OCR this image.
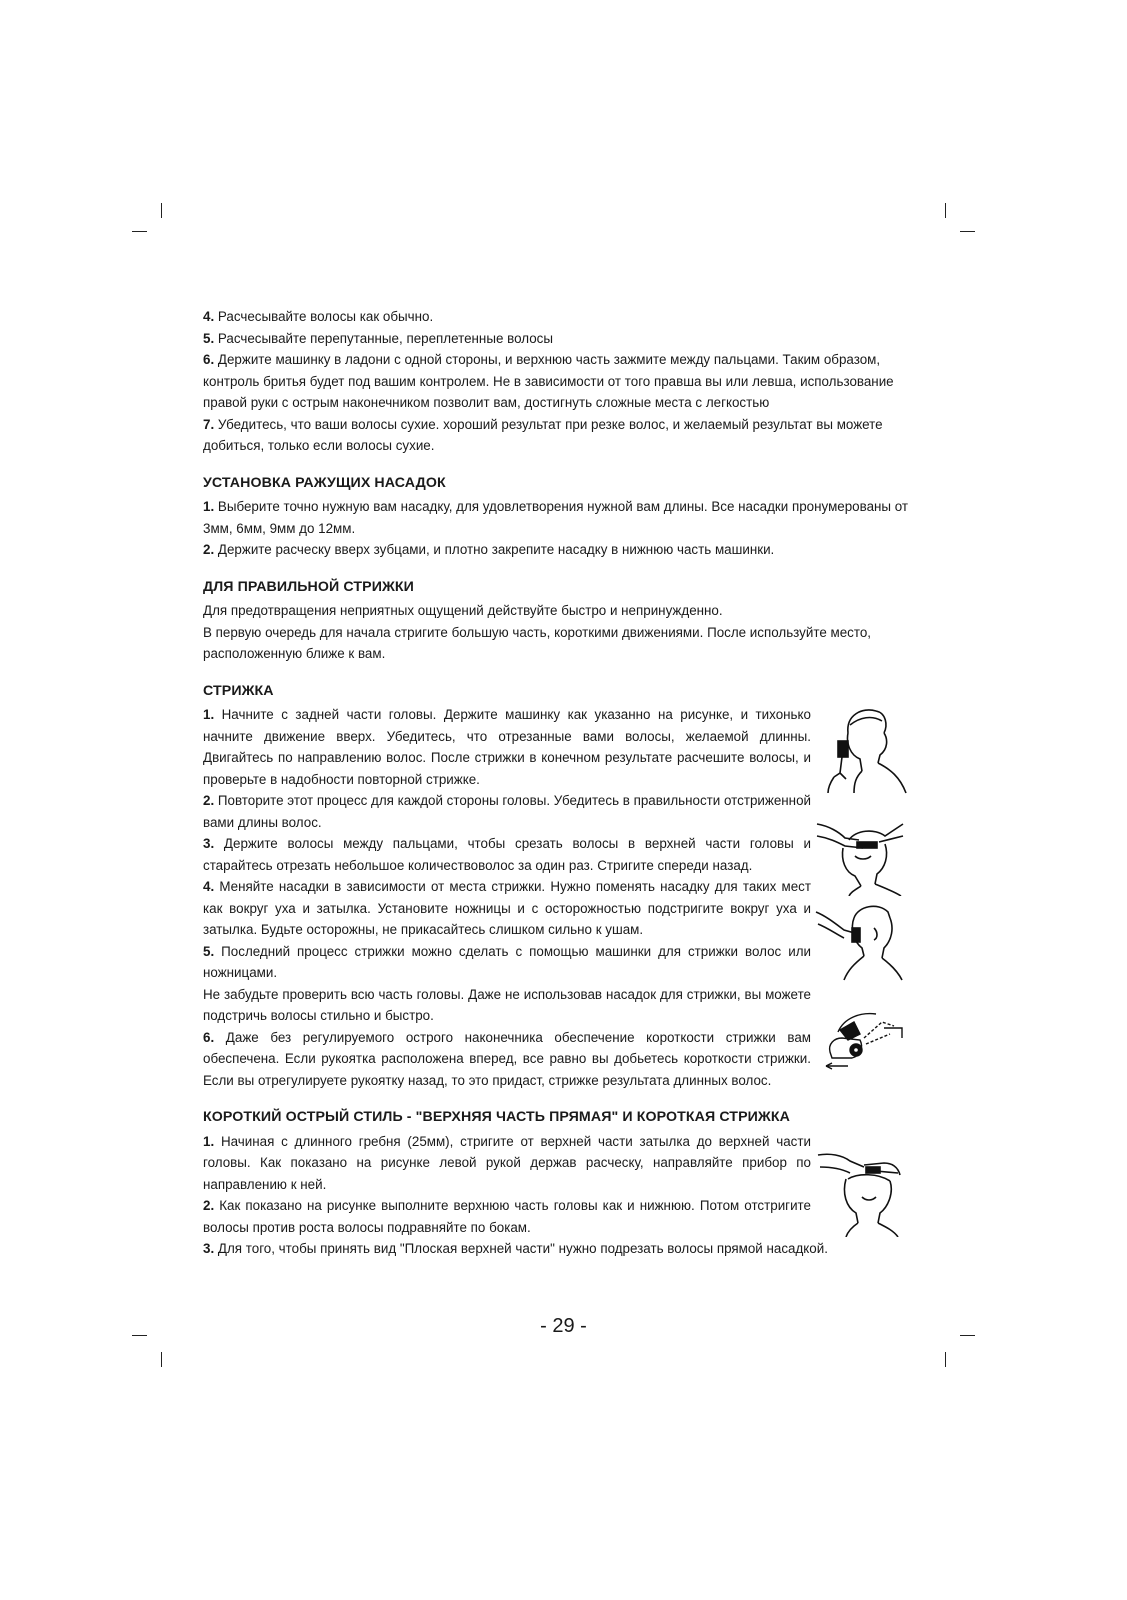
4. Расчесывайте волосы как обычно.

5. Расчесывайте перепутанные, переплетенные волосы

6. Держите машинку в ладони с одной стороны, и верхнюю часть зажмите между пальцами. Таким образом, контроль бритья будет под вашим контролем. Не в зависимости от того правша вы или левша, использование правой руки с острым наконечником позволит вам, достигнуть сложные места с легкостью

7. Убедитесь, что ваши волосы сухие. хороший результат при резке волос, и желаемый результат вы можете добиться, только если волосы сухие.

УСТАНОВКА РАЖУЩИХ НАСАДОК

1. Выберите точно нужную вам насадку, для удовлетворения нужной вам длины. Все насадки пронумерованы от 3мм, 6мм, 9мм до 12мм.

2. Держите расческу вверх зубцами, и плотно закрепите насадку в нижнюю часть машинки.

ДЛЯ ПРАВИЛЬНОЙ СТРИЖКИ

Для предотвращения неприятных ощущений действуйте быстро и непринужденно.

В первую очередь для начала стригите большую часть, короткими движениями. После используйте место, расположенную ближе к вам.

СТРИЖКА

1. Начните с задней части головы. Держите машинку как указанно на рисунке, и тихонько начните движение вверх. Убедитесь, что отрезанные вами волосы, желаемой длинны. Двигайтесь по направлению волос. После стрижки в конечном результате расчешите волосы, и проверьте в надобности повторной стрижке.

2. Повторите этот процесс для каждой стороны головы. Убедитесь в правильности отстриженной вами длины волос.

3. Держите волосы между пальцами, чтобы срезать волосы в верхней части головы и старайтесь отрезать небольшое количествоволос за один раз. Стригите спереди назад.

4. Меняйте насадки в зависимости от места стрижки. Нужно поменять насадку для таких мест как вокруг уха и затылка. Установите ножницы и с осторожностью подстригите вокруг уха и затылка. Будьте осторожны, не прикасайтесь слишком сильно к ушам.

5. Последний процесс стрижки можно сделать с помощью машинки для стрижки волос или ножницами.

Не забудьте проверить всю часть головы. Даже не использовав насадок для стрижки, вы можете подстричь волосы стильно и быстро.

6. Даже без регулируемого острого наконечника обеспечение короткости стрижки вам обеспечена. Если рукоятка расположена вперед, все равно вы добьетесь короткости стрижки. Если вы отрегулируете рукоятку назад, то это придаст, стрижке результата длинных волос.

КОРОТКИЙ ОСТРЫЙ СТИЛЬ - "ВЕРХНЯЯ ЧАСТЬ ПРЯМАЯ" И КОРОТКАЯ СТРИЖКА

1. Начиная с длинного гребня (25мм), стригите от верхней части затылка до верхней части головы. Как показано на рисунке левой рукой держав расческу, направляйте прибор по направлению к ней.

2. Как показано на рисунке выполните верхнюю часть головы как и нижнюю. Потом отстригите волосы против роста волосы подравняйте по бокам.

3. Для того, чтобы принять вид "Плоская верхней части" нужно подрезать волосы прямой насадкой.

- 29 -
